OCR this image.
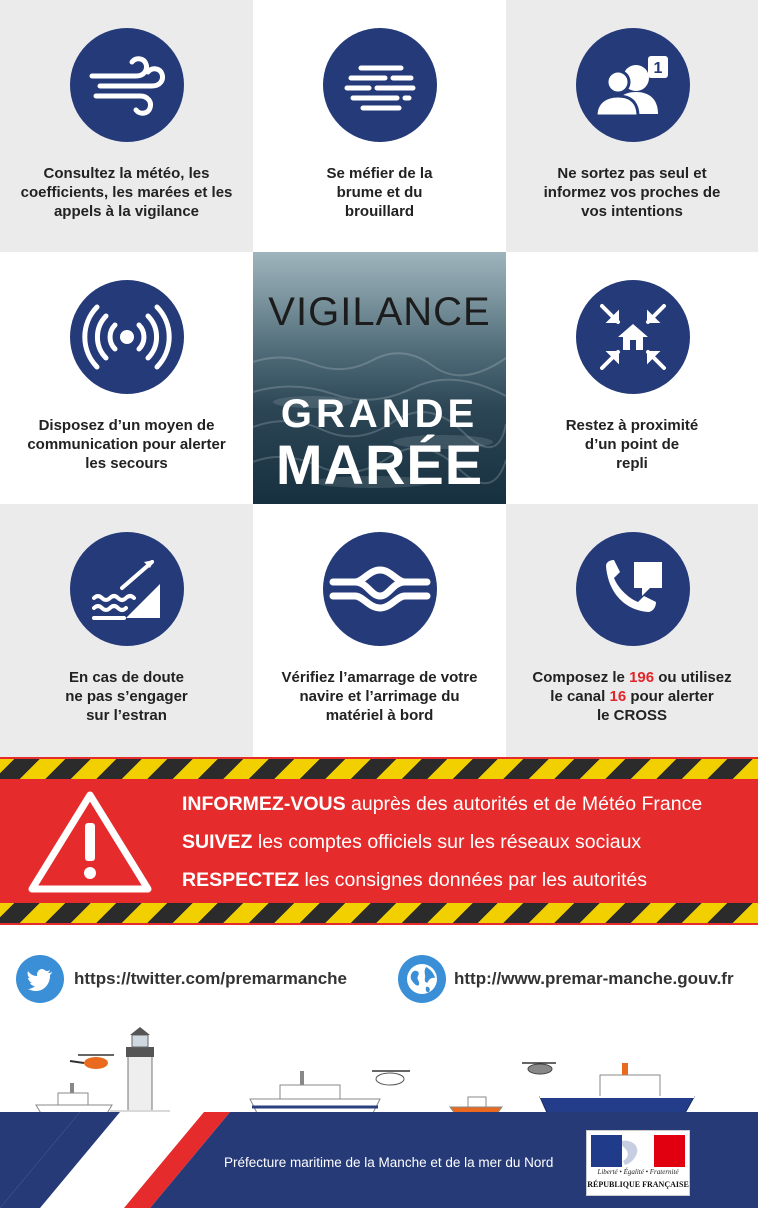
Consultez la météo, les
coefficients, les marées et les
appels à la vigilance
Se méfier de la
brume et du
brouillard
1
Ne sortez pas seul et
informez vos proches de
vos intentions
Disposez d’un moyen de
communication pour alerter
les secours
VIGILANCE
GRANDE
MARÉE
Restez à proximité
d’un point de
repli
En cas de doute
ne pas s’engager
sur l’estran
Vérifiez l’amarrage de votre
navire et l’arrimage du
matériel à bord
Composez le 196 ou utilisez
le canal 16 pour alerter
le CROSS
INFORMEZ-VOUS auprès des autorités et de Météo France
SUIVEZ les comptes officiels sur les réseaux sociaux
RESPECTEZ les consignes données par les autorités
https://twitter.com/premarmanche	http://www.premar-manche.gouv.fr
Préfecture maritime de la Manche et de la mer du Nord
Liberté • Égalité • Fraternité
RÉPUBLIQUE FRANÇAISE
